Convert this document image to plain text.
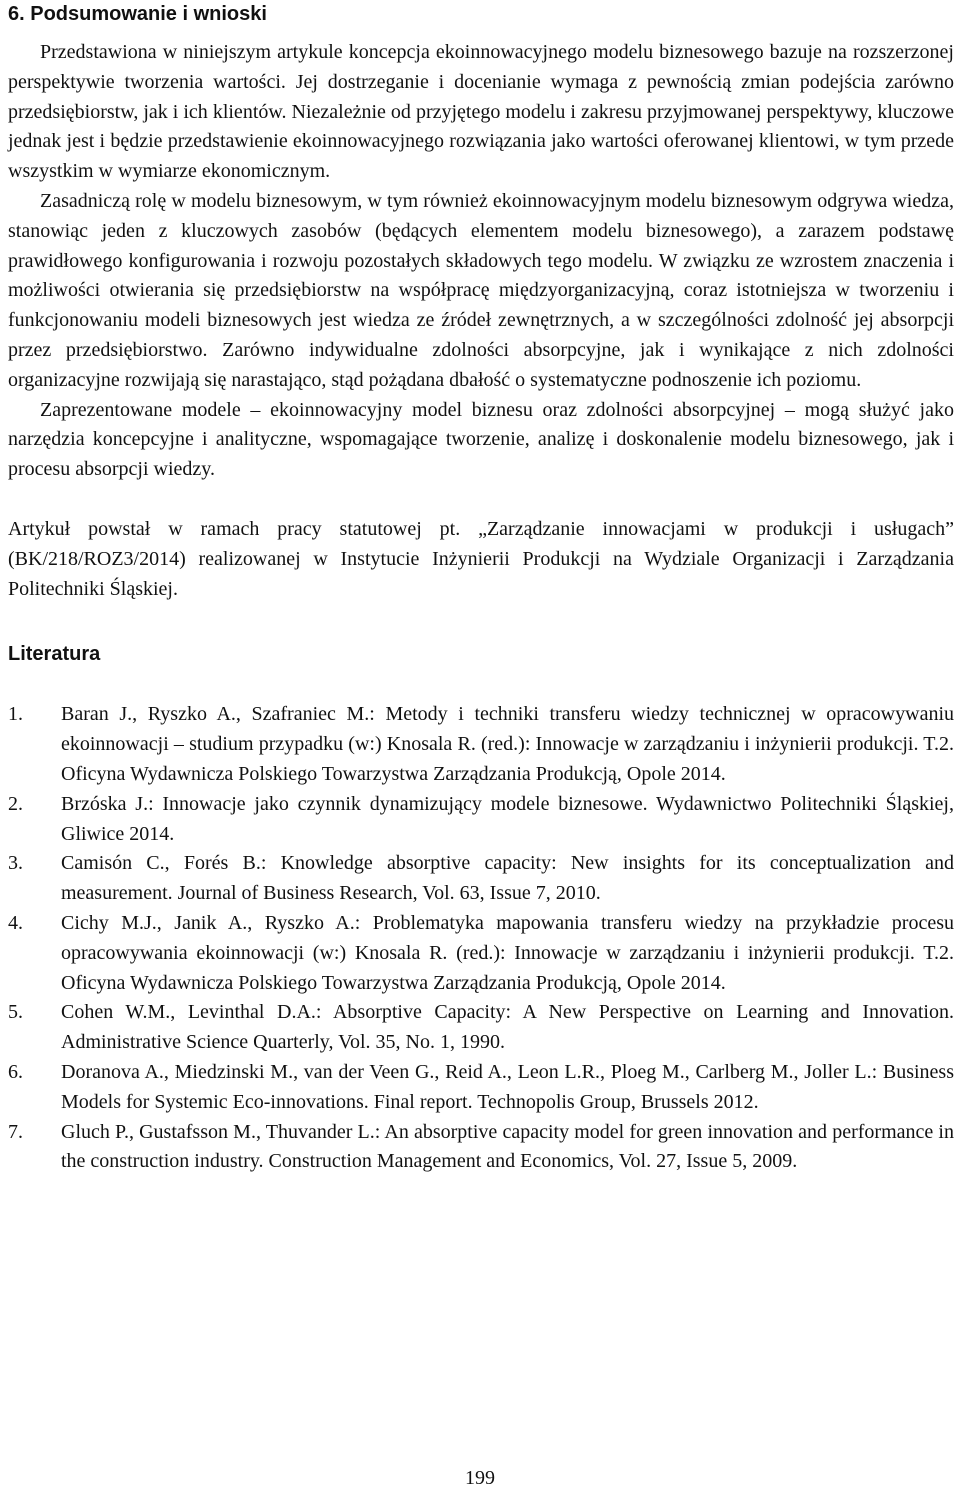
6. Podsumowanie i wnioski

Przedstawiona w niniejszym artykule koncepcja ekoinnowacyjnego modelu biznesowego bazuje na rozszerzonej perspektywie tworzenia wartości. Jej dostrzeganie i docenianie wymaga z pewnością zmian podejścia zarówno przedsiębiorstw, jak i ich klientów. Niezależnie od przyjętego modelu i zakresu przyjmowanej perspektywy, kluczowe jednak jest i będzie przedstawienie ekoinnowacyjnego rozwiązania jako wartości oferowanej klientowi, w tym przede wszystkim w wymiarze ekonomicznym.

Zasadniczą rolę w modelu biznesowym, w tym również ekoinnowacyjnym modelu biznesowym odgrywa wiedza, stanowiąc jeden z kluczowych zasobów (będących elementem modelu biznesowego), a zarazem podstawę prawidłowego konfigurowania i rozwoju pozostałych składowych tego modelu. W związku ze wzrostem znaczenia i możliwości otwierania się przedsiębiorstw na współpracę międzyorganizacyjną, coraz istotniejsza w tworzeniu i funkcjonowaniu modeli biznesowych jest wiedza ze źródeł zewnętrznych, a w szczególności zdolność jej absorpcji przez przedsiębiorstwo. Zarówno indywidualne zdolności absorpcyjne, jak i wynikające z nich zdolności organizacyjne rozwijają się narastająco, stąd pożądana dbałość o systematyczne podnoszenie ich poziomu.

Zaprezentowane modele – ekoinnowacyjny model biznesu oraz zdolności absorpcyjnej – mogą służyć jako narzędzia koncepcyjne i analityczne, wspomagające tworzenie, analizę i doskonalenie modelu biznesowego, jak i procesu absorpcji wiedzy.

Artykuł powstał w ramach pracy statutowej pt. „Zarządzanie innowacjami w produkcji i usługach” (BK/218/ROZ3/2014) realizowanej w Instytucie Inżynierii Produkcji na Wydziale Organizacji i Zarządzania Politechniki Śląskiej.

Literatura
1.	Baran J., Ryszko A., Szafraniec M.: Metody i techniki transferu wiedzy technicznej w opracowywaniu ekoinnowacji – studium przypadku (w:) Knosala R. (red.): Innowacje w zarządzaniu i inżynierii produkcji. T.2. Oficyna Wydawnicza Polskiego Towarzystwa Zarządzania Produkcją, Opole 2014.
2.	Brzóska J.: Innowacje jako czynnik dynamizujący modele biznesowe. Wydawnictwo Politechniki Śląskiej, Gliwice 2014.
3.	Camisón C., Forés B.: Knowledge absorptive capacity: New insights for its conceptualization and measurement. Journal of Business Research, Vol. 63, Issue 7, 2010.
4.	Cichy M.J., Janik A., Ryszko A.: Problematyka mapowania transferu wiedzy na przykładzie procesu opracowywania ekoinnowacji (w:) Knosala R. (red.): Innowacje w zarządzaniu i inżynierii produkcji. T.2. Oficyna Wydawnicza Polskiego Towarzystwa Zarządzania Produkcją, Opole 2014.
5.	Cohen W.M., Levinthal D.A.: Absorptive Capacity: A New Perspective on Learning and Innovation. Administrative Science Quarterly, Vol. 35, No. 1, 1990.
6.	Doranova A., Miedzinski M., van der Veen G., Reid A., Leon L.R., Ploeg M., Carlberg M., Joller L.: Business Models for Systemic Eco-innovations. Final report. Technopolis Group, Brussels 2012.
7.	Gluch P., Gustafsson M., Thuvander L.: An absorptive capacity model for green innovation and performance in the construction industry. Construction Management and Economics, Vol. 27, Issue 5, 2009.
199
